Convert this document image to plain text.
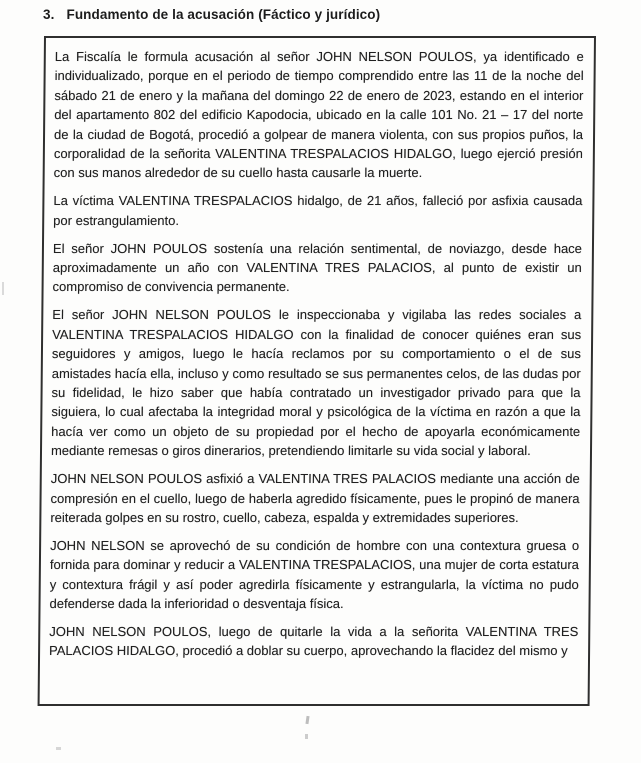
3. Fundamento de la acusación (Fáctico y jurídico)

La Fiscalía le formula acusación al señor JOHN NELSON POULOS, ya identificado e individualizado, porque en el periodo de tiempo comprendido entre las 11 de la noche del sábado 21 de enero y la mañana del domingo 22 de enero de 2023, estando en el interior del apartamento 802 del edificio Kapodocia, ubicado en la calle 101 No. 21 – 17 del norte de la ciudad de Bogotá, procedió a golpear de manera violenta, con sus propios puños, la corporalidad de la señorita VALENTINA TRESPALACIOS HIDALGO, luego ejerció presión con sus manos alrededor de su cuello hasta causarle la muerte.

La víctima VALENTINA TRESPALACIOS hidalgo, de 21 años, falleció por asfixia causada por estrangulamiento.

El señor JOHN POULOS sostenía una relación sentimental, de noviazgo, desde hace aproximadamente un año con VALENTINA TRES PALACIOS, al punto de existir un compromiso de convivencia permanente.

El señor JOHN NELSON POULOS le inspeccionaba y vigilaba las redes sociales a VALENTINA TRESPALACIOS HIDALGO con la finalidad de conocer quiénes eran sus seguidores y amigos, luego le hacía reclamos por su comportamiento o el de sus amistades hacía ella, incluso y como resultado se sus permanentes celos, de las dudas por su fidelidad, le hizo saber que había contratado un investigador privado para que la siguiera, lo cual afectaba la integridad moral y psicológica de la víctima en razón a que la hacía ver como un objeto de su propiedad por el hecho de apoyarla económicamente mediante remesas o giros dinerarios, pretendiendo limitarle su vida social y laboral.

JOHN NELSON POULOS asfixió a VALENTINA TRES PALACIOS mediante una acción de compresión en el cuello, luego de haberla agredido físicamente, pues le propinó de manera reiterada golpes en su rostro, cuello, cabeza, espalda y extremidades superiores.

JOHN NELSON se aprovechó de su condición de hombre con una contextura gruesa o fornida para dominar y reducir a VALENTINA TRESPALACIOS, una mujer de corta estatura y contextura frágil y así poder agredirla físicamente y estrangularla, la víctima no pudo defenderse dada la inferioridad o desventaja física.

JOHN NELSON POULOS, luego de quitarle la vida a la señorita VALENTINA TRES PALACIOS HIDALGO, procedió a doblar su cuerpo, aprovechando la flacidez del mismo y
